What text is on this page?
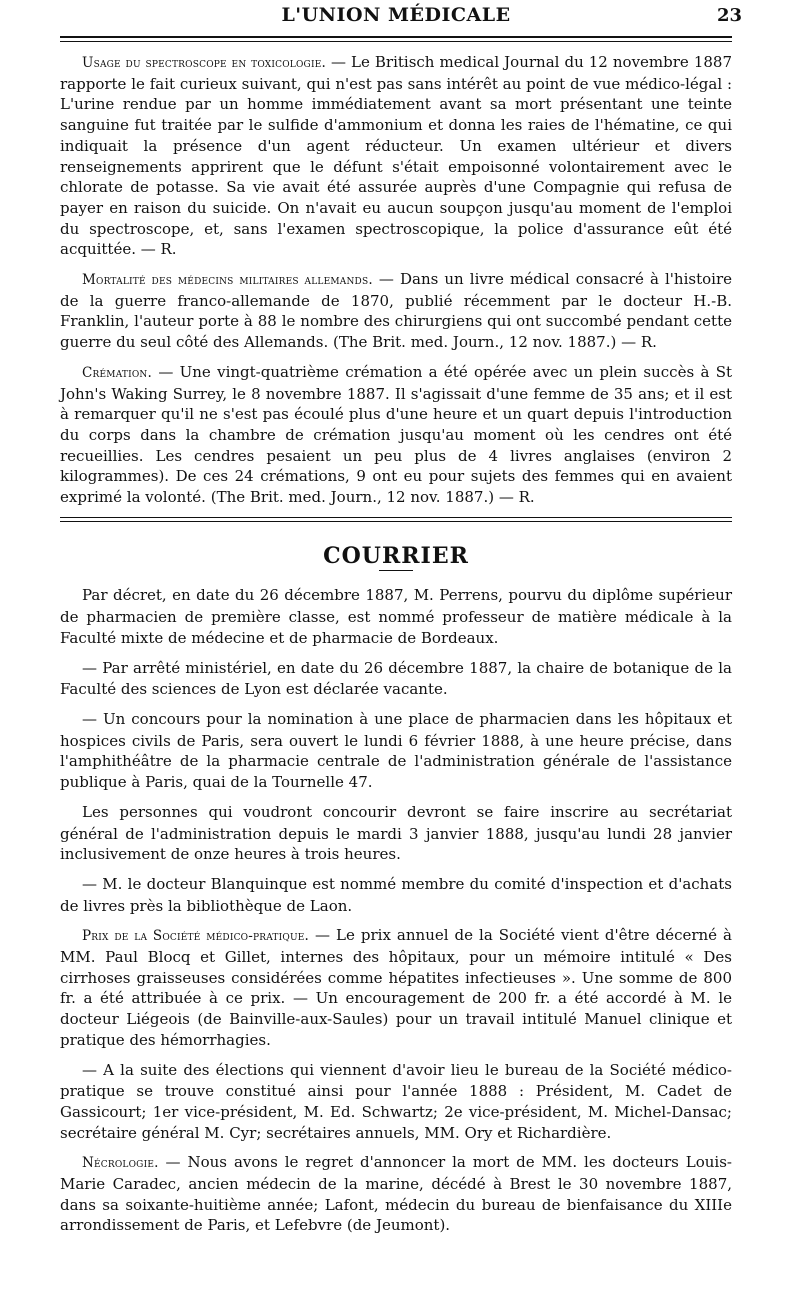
L'UNION MÉDICALE	23

Usage du spectroscope en toxicologie. — Le Britisch medical Journal du 12 novembre 1887 rapporte le fait curieux suivant, qui n'est pas sans intérêt au point de vue médico-légal : L'urine rendue par un homme immédiatement avant sa mort présentant une teinte sanguine fut traitée par le sulfide d'ammonium et donna les raies de l'hématine, ce qui indiquait la présence d'un agent réducteur. Un examen ultérieur et divers renseignements apprirent que le défunt s'était empoisonné volontairement avec le chlorate de potasse. Sa vie avait été assurée auprès d'une Compagnie qui refusa de payer en raison du suicide. On n'avait eu aucun soupçon jusqu'au moment de l'emploi du spectroscope, et, sans l'examen spectroscopique, la police d'assurance eût été acquittée. — R.

Mortalité des médecins militaires allemands. — Dans un livre médical consacré à l'histoire de la guerre franco-allemande de 1870, publié récemment par le docteur H.-B. Franklin, l'auteur porte à 88 le nombre des chirurgiens qui ont succombé pendant cette guerre du seul côté des Allemands. (The Brit. med. Journ., 12 nov. 1887.) — R.

Crémation. — Une vingt-quatrième crémation a été opérée avec un plein succès à St John's Waking Surrey, le 8 novembre 1887. Il s'agissait d'une femme de 35 ans; et il est à remarquer qu'il ne s'est pas écoulé plus d'une heure et un quart depuis l'introduction du corps dans la chambre de crémation jusqu'au moment où les cendres ont été recueillies. Les cendres pesaient un peu plus de 4 livres anglaises (environ 2 kilogrammes). De ces 24 crémations, 9 ont eu pour sujets des femmes qui en avaient exprimé la volonté. (The Brit. med. Journ., 12 nov. 1887.) — R.

COURRIER

Par décret, en date du 26 décembre 1887, M. Perrens, pourvu du diplôme supérieur de pharmacien de première classe, est nommé professeur de matière médicale à la Faculté mixte de médecine et de pharmacie de Bordeaux.

— Par arrêté ministériel, en date du 26 décembre 1887, la chaire de botanique de la Faculté des sciences de Lyon est déclarée vacante.

— Un concours pour la nomination à une place de pharmacien dans les hôpitaux et hospices civils de Paris, sera ouvert le lundi 6 février 1888, à une heure précise, dans l'amphithéâtre de la pharmacie centrale de l'administration générale de l'assistance publique à Paris, quai de la Tournelle 47.

Les personnes qui voudront concourir devront se faire inscrire au secrétariat général de l'administration depuis le mardi 3 janvier 1888, jusqu'au lundi 28 janvier inclusivement de onze heures à trois heures.

— M. le docteur Blanquinque est nommé membre du comité d'inspection et d'achats de livres près la bibliothèque de Laon.

Prix de la Société médico-pratique. — Le prix annuel de la Société vient d'être décerné à MM. Paul Blocq et Gillet, internes des hôpitaux, pour un mémoire intitulé « Des cirrhoses graisseuses considérées comme hépatites infectieuses ». Une somme de 800 fr. a été attribuée à ce prix. — Un encouragement de 200 fr. a été accordé à M. le docteur Liégeois (de Bainville-aux-Saules) pour un travail intitulé Manuel clinique et pratique des hémorrhagies.

— A la suite des élections qui viennent d'avoir lieu le bureau de la Société médico-pratique se trouve constitué ainsi pour l'année 1888 : Président, M. Cadet de Gassicourt; 1er vice-président, M. Ed. Schwartz; 2e vice-président, M. Michel-Dansac; secrétaire général M. Cyr; secrétaires annuels, MM. Ory et Richardière.

Nécrologie. — Nous avons le regret d'annoncer la mort de MM. les docteurs Louis-Marie Caradec, ancien médecin de la marine, décédé à Brest le 30 novembre 1887, dans sa soixante-huitième année; Lafont, médecin du bureau de bienfaisance du XIIIe arrondissement de Paris, et Lefebvre (de Jeumont).
